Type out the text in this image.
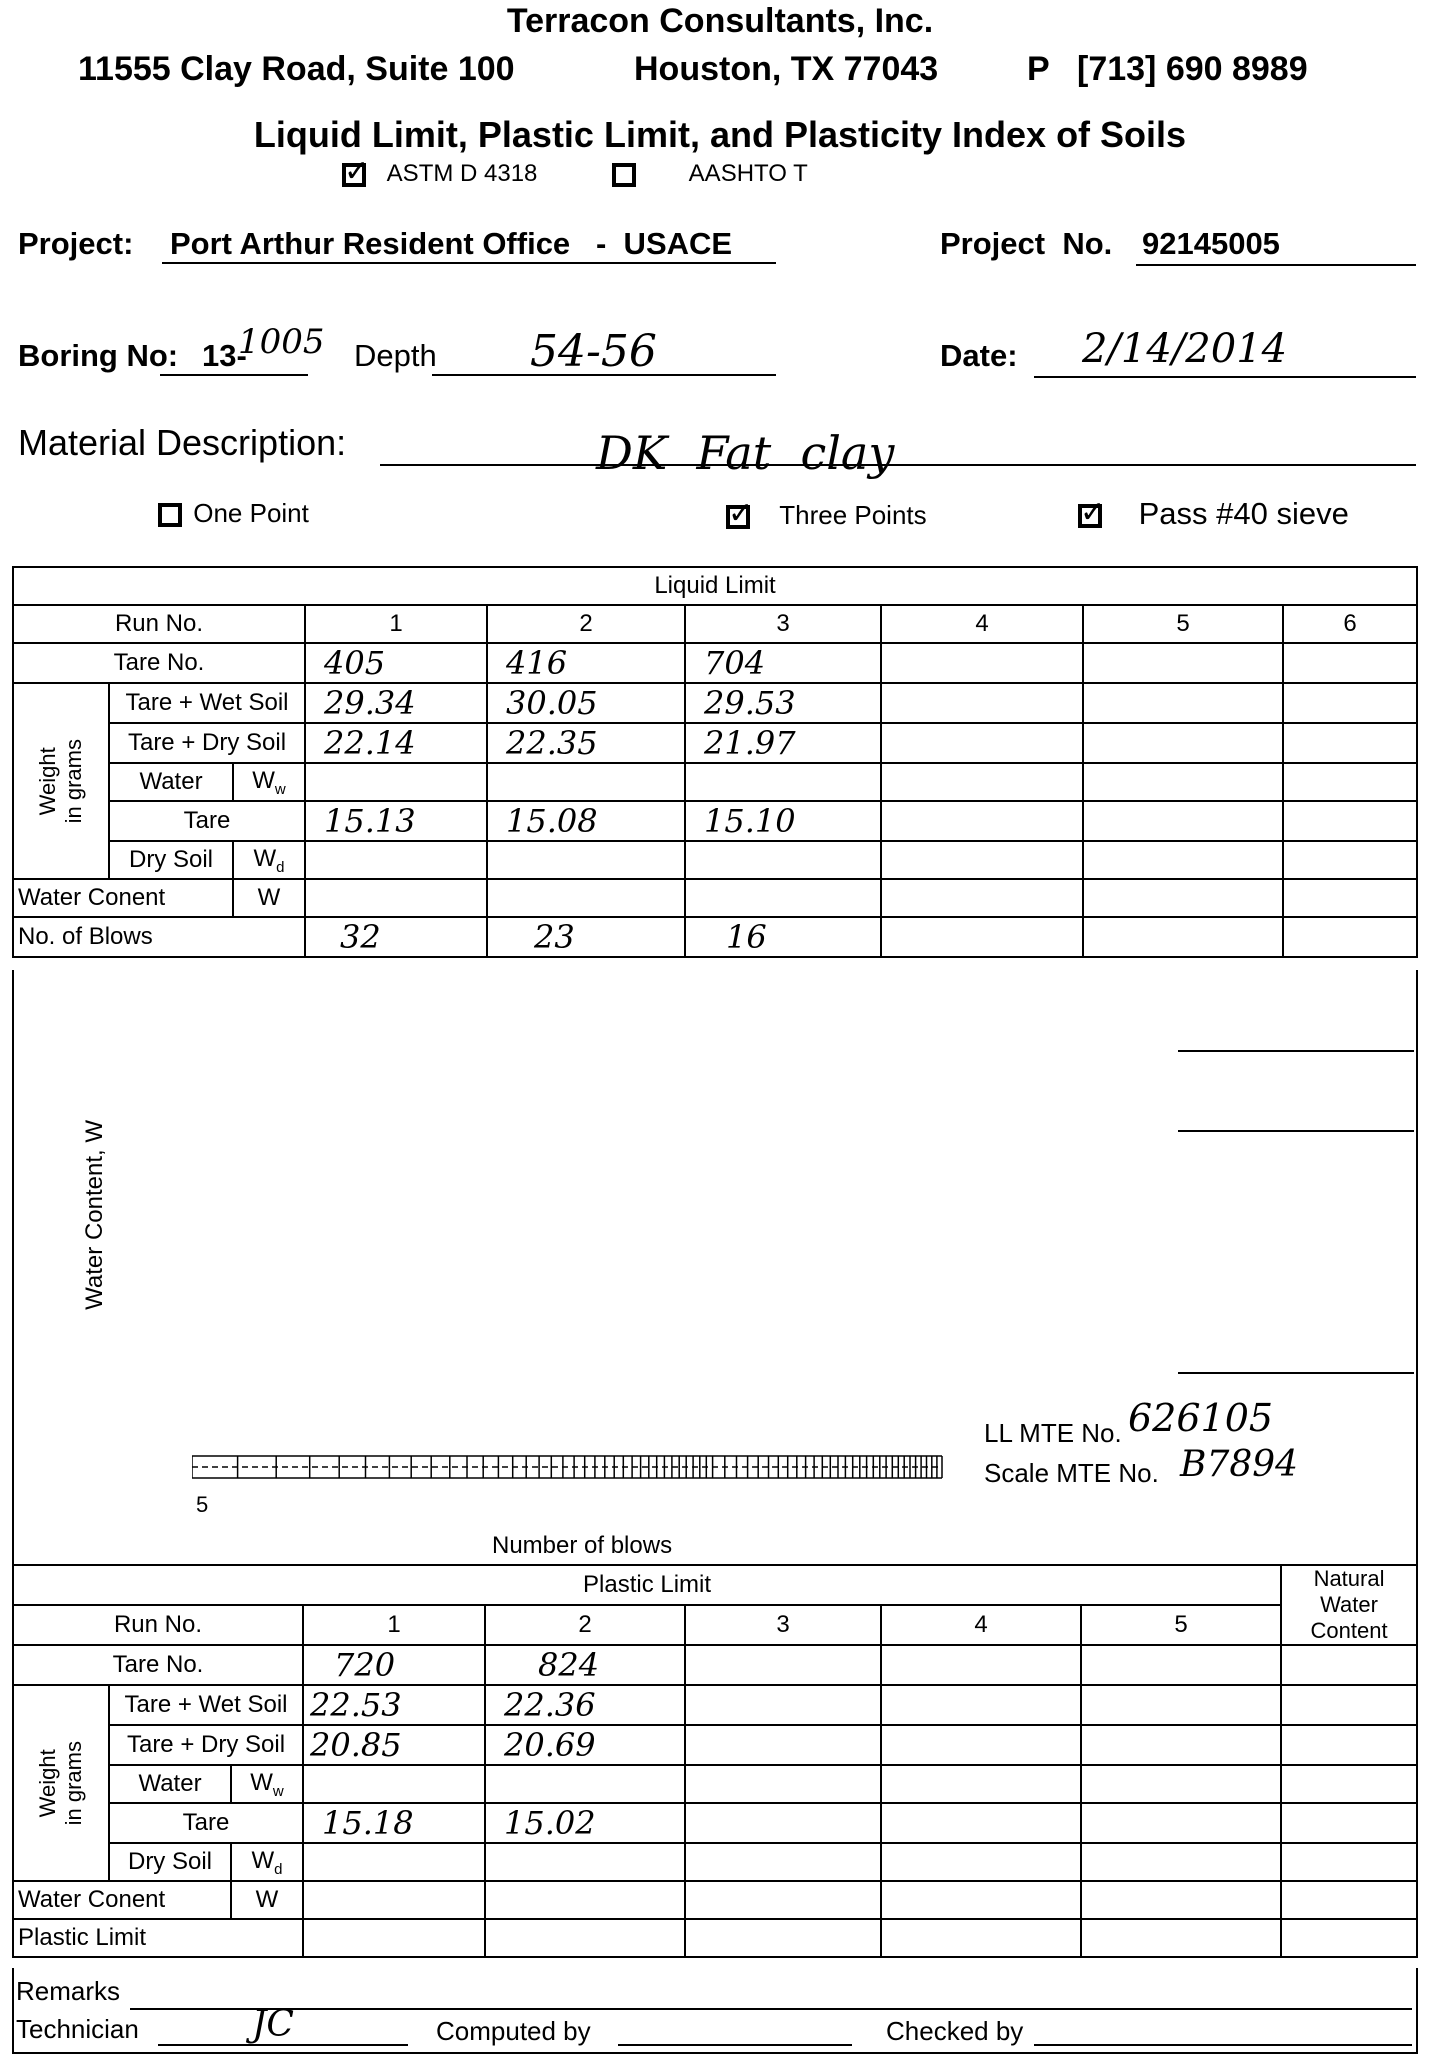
Terracon Consultants, Inc.
11555 Clay Road, Suite 100	Houston, TX 77043	P [713] 690 8989
Liquid Limit, Plastic Limit, and Plasticity Index of Soils
✓ ASTM D 4318	AASHTO T
Project: Port Arthur Resident Office   -  USACE	Project  No. 92145005
Boring No: 13-
1005 Depth 54-56	Date: 2/14/2014
Material Description:	DK  Fat  clay
One Point	✓ Three Points	✓ Pass #40 sieve
Liquid Limit								
Run No.			1	2	3	4	5	6
Tare No.			405	416	704			

Weight
in grams	Tare + Wet Soil		29.34	30.05	29.53			
	Tare + Dry Soil		22.14	22.35	21.97			
	Water	$W_w$						
	Tare		15.13	15.08	15.10			
	Dry Soil	$W_d$						
Water Conent		W						
No. of Blows			32	23	16			
Water Content, W
5
LL MTE No. 626105
Scale MTE No. B7894
Number of blows
Plastic Limit								Natural Water Content
Run No.			1	2	3	4	5	
Tare No.			720	824				

Weight
in grams	Tare + Wet Soil		22.53	22.36				
	Tare + Dry Soil		20.85	20.69				
	Water	$W_w$						
	Tare		15.18	15.02				
	Dry Soil	$W_d$						
Water Conent		W						
Plastic Limit								
Remarks
Technician	JC	Computed by	Checked by
